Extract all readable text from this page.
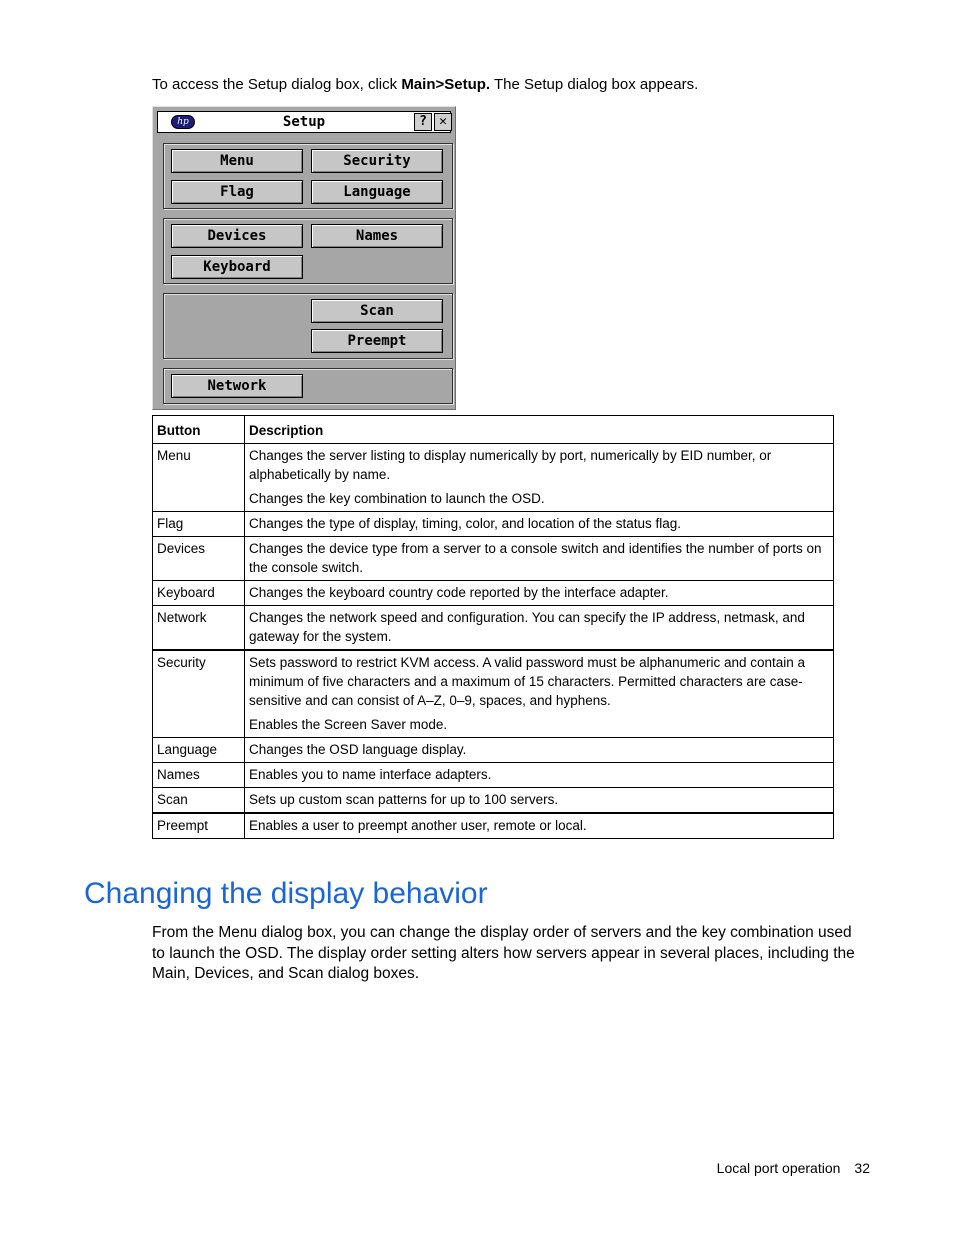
To access the Setup dialog box, click Main>Setup. The Setup dialog box appears.
hp	Setup	? ✕
Menu	Security
Flag	Language
Devices	Names
Keyboard
Scan
Preempt
Network
Button	Description
Menu	Changes the server listing to display numerically by port, numerically by EID number, or alphabetically by name.

Changes the key combination to launch the OSD.

Flag	Changes the type of display, timing, color, and location of the status flag.

Devices	Changes the device type from a server to a console switch and identifies the number of ports on the console switch.

Keyboard	Changes the keyboard country code reported by the interface adapter.

Network	Changes the network speed and configuration. You can specify the IP address, netmask, and gateway for the system.

Security	Sets password to restrict KVM access. A valid password must be alphanumeric and contain a minimum of five characters and a maximum of 15 characters. Permitted characters are case-sensitive and can consist of A–Z, 0–9, spaces, and hyphens.

Enables the Screen Saver mode.

Language	Changes the OSD language display.

Names	Enables you to name interface adapters.

Scan	Sets up custom scan patterns for up to 100 servers.

Preempt	Enables a user to preempt another user, remote or local.

Changing the display behavior
From the Menu dialog box, you can change the display order of servers and the key combination used to launch the OSD. The display order setting alters how servers appear in several places, including the Main, Devices, and Scan dialog boxes.
Local port operation 32
